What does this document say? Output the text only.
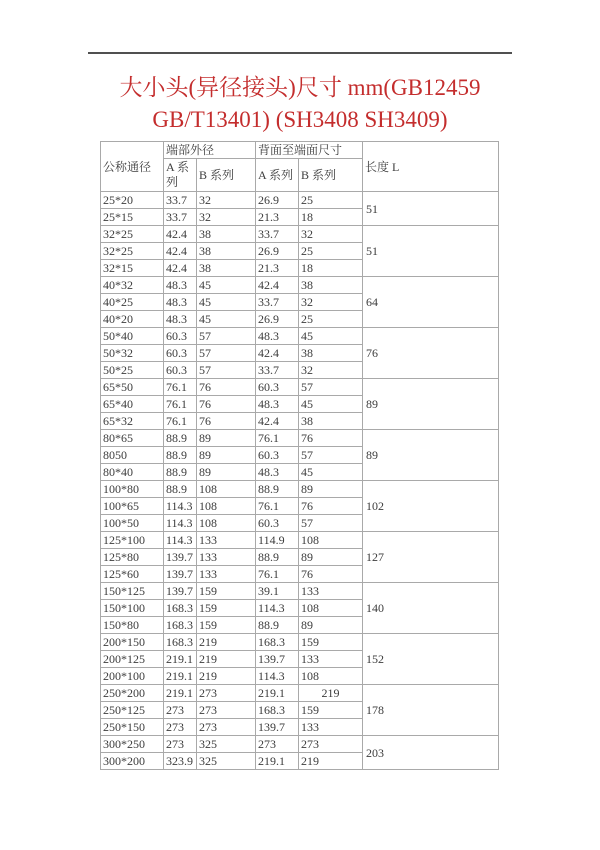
大小头(异径接头)尺寸 mm(GB12459
GB/T13401) (SH3408 SH3409)
公称通径	端部外径		背面至端面尺寸		长度 L
	A 系列	B 系列	A 系列	B 系列	
25*20	33.7	32	26.9	25	51
25*15	33.7	32	21.3	18	
32*25	42.4	38	33.7	32	51
32*25	42.4	38	26.9	25	
32*15	42.4	38	21.3	18	
40*32	48.3	45	42.4	38	64
40*25	48.3	45	33.7	32	
40*20	48.3	45	26.9	25	
50*40	60.3	57	48.3	45	76
50*32	60.3	57	42.4	38	
50*25	60.3	57	33.7	32	
65*50	76.1	76	60.3	57	89
65*40	76.1	76	48.3	45	
65*32	76.1	76	42.4	38	
80*65	88.9	89	76.1	76	89
8050	88.9	89	60.3	57	
80*40	88.9	89	48.3	45	
100*80	88.9	108	88.9	89	102
100*65	114.3	108	76.1	76	
100*50	114.3	108	60.3	57	
125*100	114.3	133	114.9	108	127
125*80	139.7	133	88.9	89	
125*60	139.7	133	76.1	76	
150*125	139.7	159	39.1	133	140
150*100	168.3	159	114.3	108	
150*80	168.3	159	88.9	89	
200*150	168.3	219	168.3	159	152
200*125	219.1	219	139.7	133	
200*100	219.1	219	114.3	108	
250*200	219.1	273	219.1	219	178
250*125	273	273	168.3	159	
250*150	273	273	139.7	133	
300*250	273	325	273	273	203
300*200	323.9	325	219.1	219	
